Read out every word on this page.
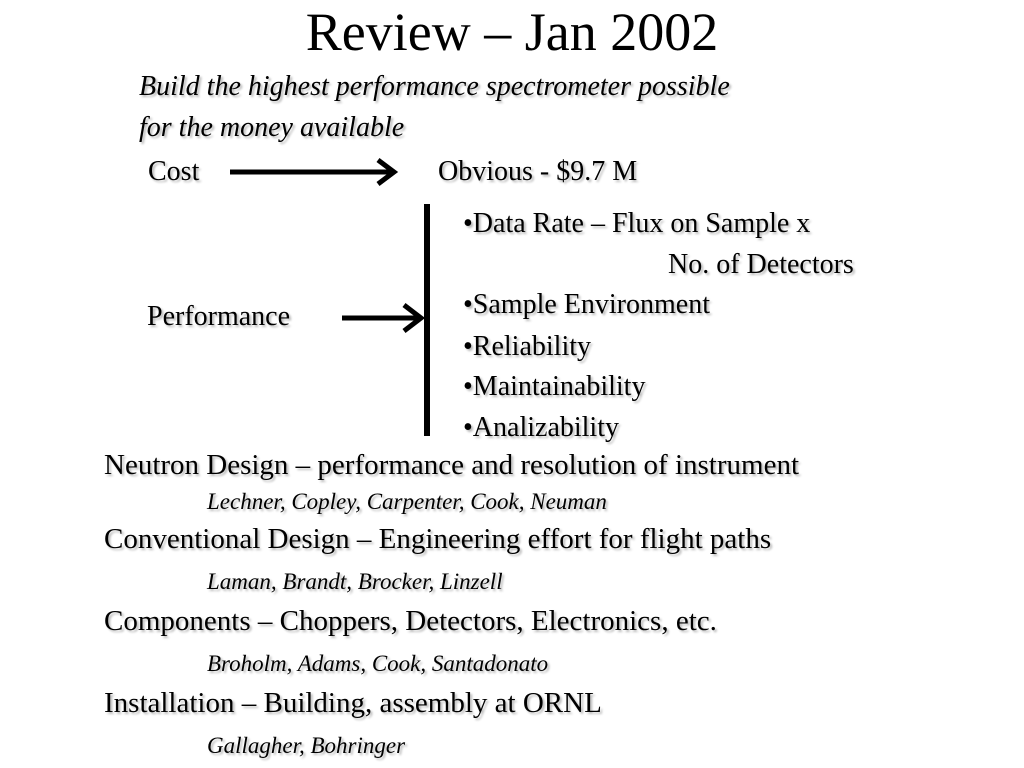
Review – Jan 2002
Build the highest performance spectrometer possible
for the money available
Cost	Obvious - $9.7 M
Performance
•Data Rate – Flux on Sample x
No. of Detectors
•Sample Environment
•Reliability
•Maintainability
•Analizability
Neutron Design – performance and resolution of instrument
Lechner, Copley, Carpenter, Cook, Neuman
Conventional Design – Engineering effort for flight paths
Laman, Brandt, Brocker, Linzell
Components – Choppers, Detectors, Electronics, etc.
Broholm, Adams, Cook, Santadonato
Installation – Building, assembly at ORNL
Gallagher, Bohringer
